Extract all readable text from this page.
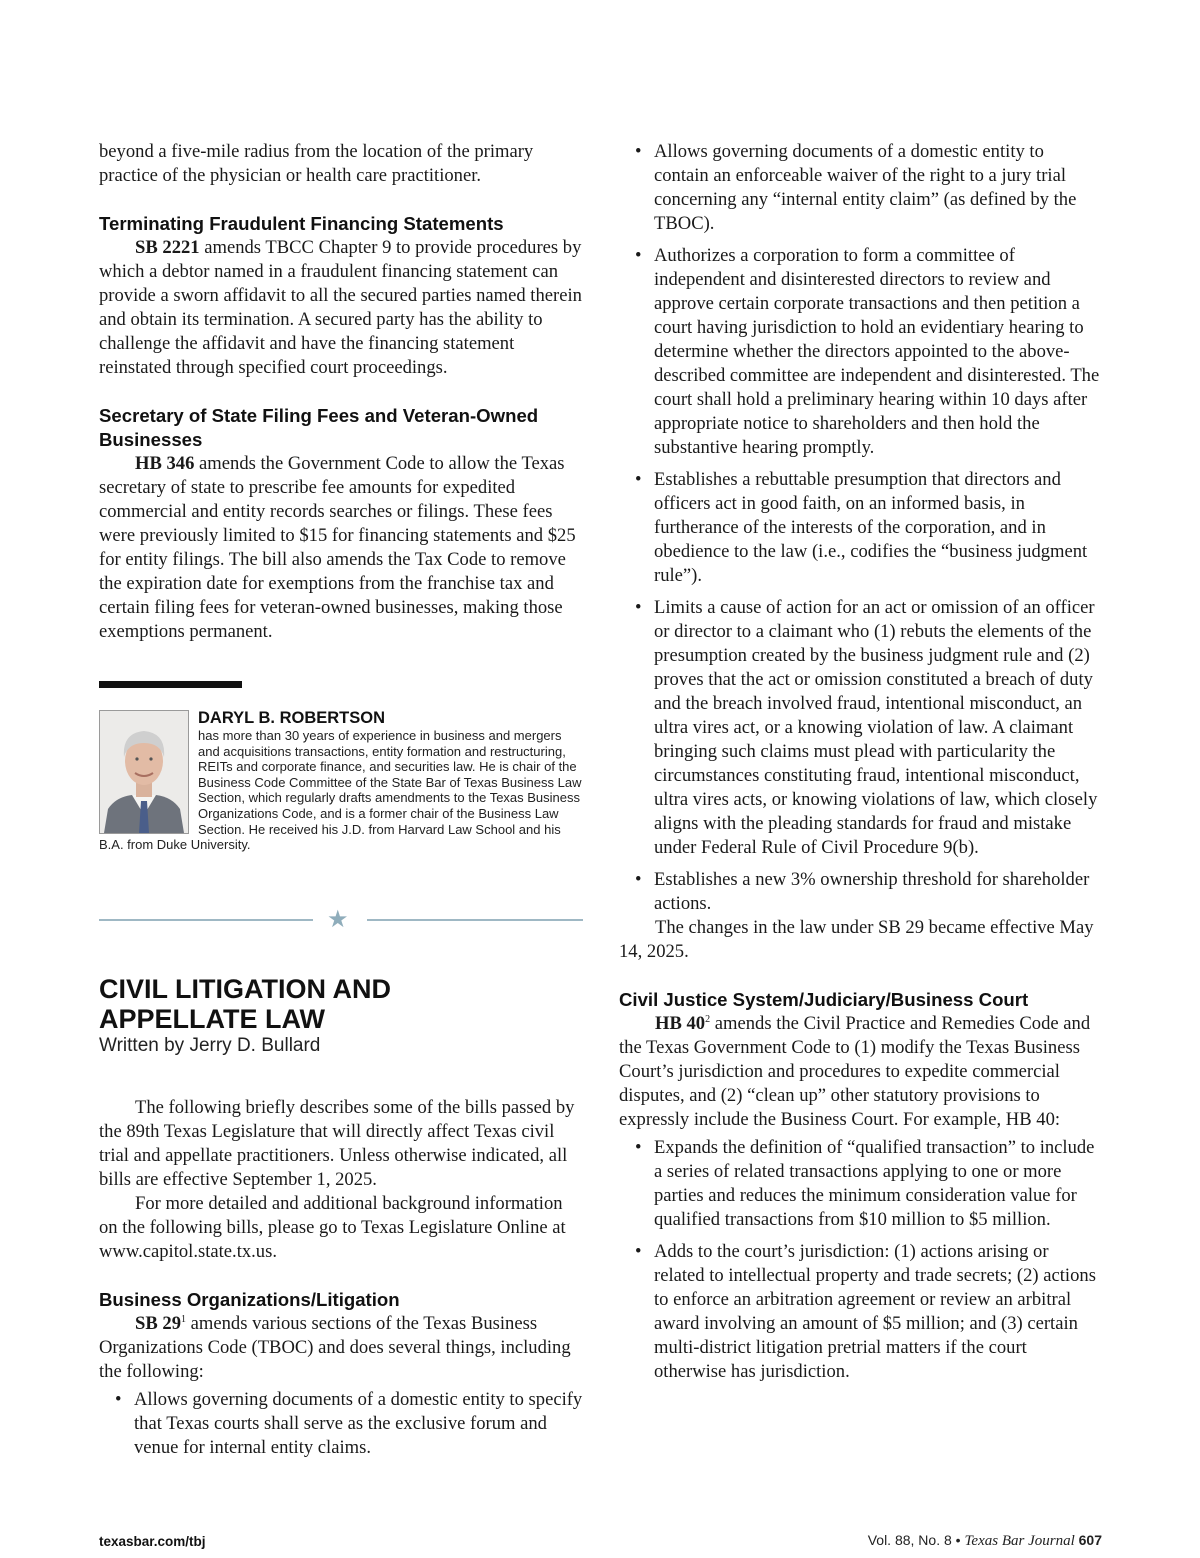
beyond a five-mile radius from the location of the primary practice of the physician or health care practitioner.

Terminating Fraudulent Financing Statements

SB 2221 amends TBCC Chapter 9 to provide procedures by which a debtor named in a fraudulent financing statement can provide a sworn affidavit to all the secured parties named therein and obtain its termination. A secured party has the ability to challenge the affidavit and have the financing statement reinstated through specified court proceedings.

Secretary of State Filing Fees and Veteran-Owned Businesses

HB 346 amends the Government Code to allow the Texas secretary of state to prescribe fee amounts for expedited commercial and entity records searches or filings. These fees were previously limited to $15 for financing statements and $25 for entity filings. The bill also amends the Tax Code to remove the expiration date for exemptions from the franchise tax and certain filing fees for veteran-owned businesses, making those exemptions permanent.

DARYL B. ROBERTSON
has more than 30 years of experience in business and mergers and acquisitions transactions, entity formation and restructuring, REITs and corporate finance, and securities law. He is chair of the Business Code Committee of the State Bar of Texas Business Law Section, which regularly drafts amendments to the Texas Business Organizations Code, and is a former chair of the Business Law Section. He received his J.D. from Harvard Law School and his B.A. from Duke University.
★
CIVIL LITIGATION AND
APPELLATE LAW
Written by Jerry D. Bullard

The following briefly describes some of the bills passed by the 89th Texas Legislature that will directly affect Texas civil trial and appellate practitioners. Unless otherwise indicated, all bills are effective September 1, 2025.

For more detailed and additional background information on the following bills, please go to Texas Legislature Online at www.capitol.state.tx.us.

Business Organizations/Litigation

SB $29^1$ amends various sections of the Texas Business Organizations Code (TBOC) and does several things, including the following:

• Allows governing documents of a domestic entity to specify that Texas courts shall serve as the exclusive forum and venue for internal entity claims.
• Allows governing documents of a domestic entity to contain an enforceable waiver of the right to a jury trial concerning any “internal entity claim” (as defined by the TBOC).
• Authorizes a corporation to form a committee of independent and disinterested directors to review and approve certain corporate transactions and then petition a court having jurisdiction to hold an evidentiary hearing to determine whether the directors appointed to the above-described committee are independent and disinterested. The court shall hold a preliminary hearing within 10 days after appropriate notice to shareholders and then hold the substantive hearing promptly.
• Establishes a rebuttable presumption that directors and officers act in good faith, on an informed basis, in furtherance of the interests of the corporation, and in obedience to the law (i.e., codifies the “business judgment rule”).
• Limits a cause of action for an act or omission of an officer or director to a claimant who (1) rebuts the elements of the presumption created by the business judgment rule and (2) proves that the act or omission constituted a breach of duty and the breach involved fraud, intentional misconduct, an ultra vires act, or a knowing violation of law. A claimant bringing such claims must plead with particularity the circumstances constituting fraud, intentional misconduct, ultra vires acts, or knowing violations of law, which closely aligns with the pleading standards for fraud and mistake under Federal Rule of Civil Procedure 9(b).
• Establishes a new 3% ownership threshold for shareholder actions.

The changes in the law under SB 29 became effective May 14, 2025.

Civil Justice System/Judiciary/Business Court

HB $40^2$ amends the Civil Practice and Remedies Code and the Texas Government Code to (1) modify the Texas Business Court’s jurisdiction and procedures to expedite commercial disputes, and (2) “clean up” other statutory provisions to expressly include the Business Court. For example, HB 40:

• Expands the definition of “qualified transaction” to include a series of related transactions applying to one or more parties and reduces the minimum consideration value for qualified transactions from $10 million to $5 million.
• Adds to the court’s jurisdiction: (1) actions arising or related to intellectual property and trade secrets; (2) actions to enforce an arbitration agreement or review an arbitral award involving an amount of $5 million; and (3) certain multi-district litigation pretrial matters if the court otherwise has jurisdiction.
texasbar.com/tbj	Vol. 88, No. 8 • Texas Bar Journal 607
